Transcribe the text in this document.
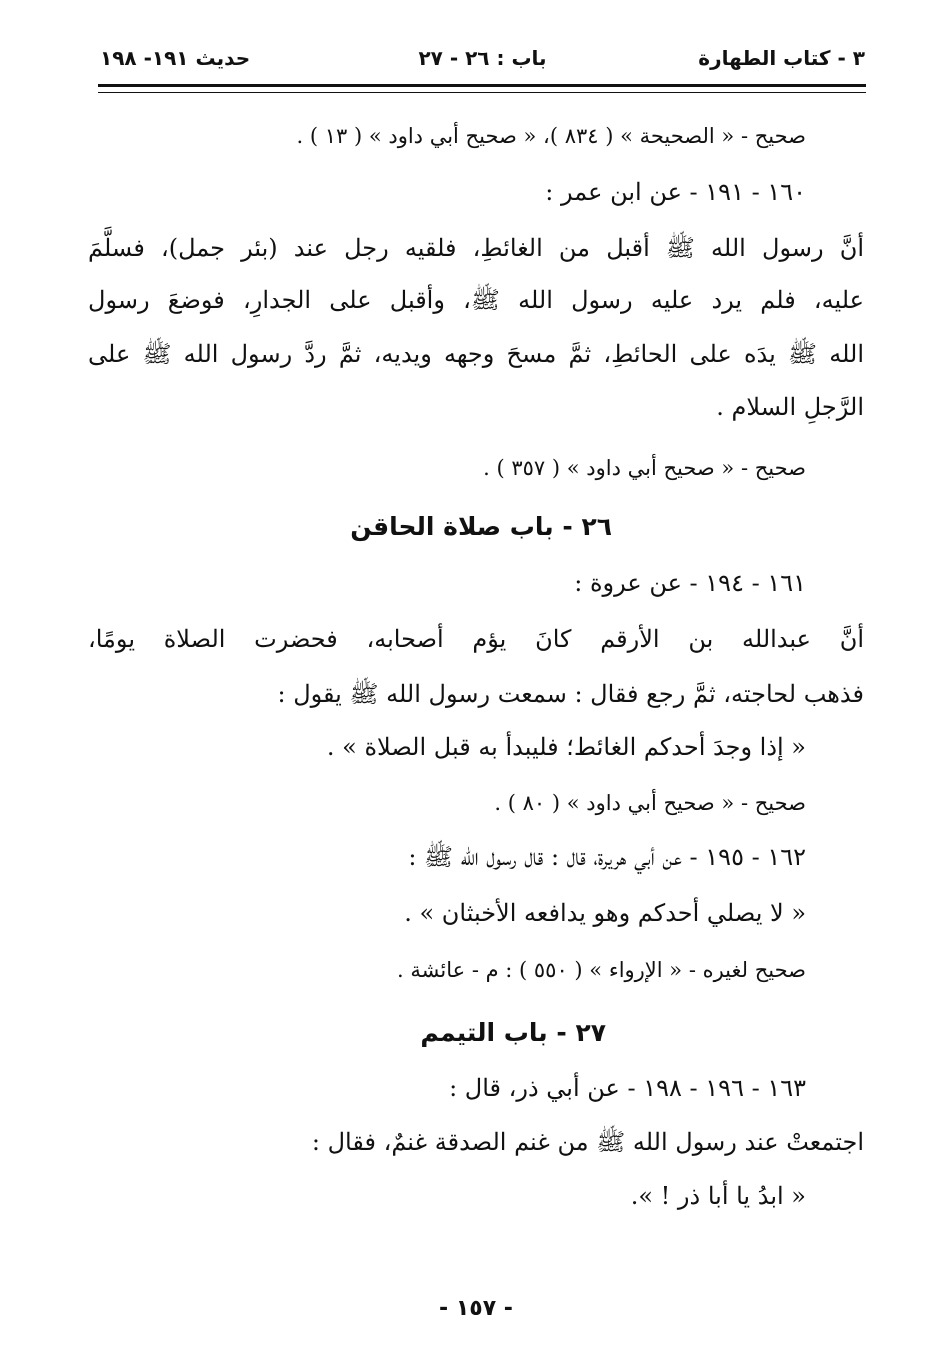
٣ - كتاب الطهارة
باب : ٢٦ - ٢٧
حديث ١٩١- ١٩٨
صحيح - « الصحيحة » ( ٨٣٤ )، « صحيح أبي داود » ( ١٣ ) .
١٦٠ - ١٩١ - عن ابن عمر :
أنَّ رسول الله ﷺ أقبل من الغائطِ، فلقيه رجل عند (بئر جمل)، فسلَّمَ
عليه، فلم يرد عليه رسول الله ﷺ، وأقبل على الجدارِ، فوضعَ رسول
الله ﷺ يدَه على الحائطِ، ثمَّ مسحَ وجهه ويديه، ثمَّ ردَّ رسول الله ﷺ على
الرَّجلِ السلام .
صحيح - « صحيح أبي داود » ( ٣٥٧ ) .
٢٦ - باب صلاة الحاقن
١٦١ - ١٩٤ - عن عروة :
أنَّ عبدالله بن الأرقم كانَ يؤم أصحابه، فحضرت الصلاة يومًا،
فذهب لحاجته، ثمَّ رجع فقال : سمعت رسول الله ﷺ يقول :
« إذا وجدَ أحدكم الغائط؛ فليبدأ به قبل الصلاة » .
صحيح - « صحيح أبي داود » ( ٨٠ ) .
١٦٢ - ١٩٥ - عن أبي هريرة، قال : قال رسول الله ﷺ :
« لا يصلي أحدكم وهو يدافعه الأخبثان » .
صحيح لغيره - « الإرواء » ( ٥٥٠ ) : م - عائشة .
٢٧ - باب التيمم
١٦٣ - ١٩٦ - ١٩٨ - عن أبي ذر، قال :
اجتمعتْ عند رسول الله ﷺ من غنم الصدقة غنمٌ، فقال :
« ابدُ يا أبا ذر ! ».
- ١٥٧ -
